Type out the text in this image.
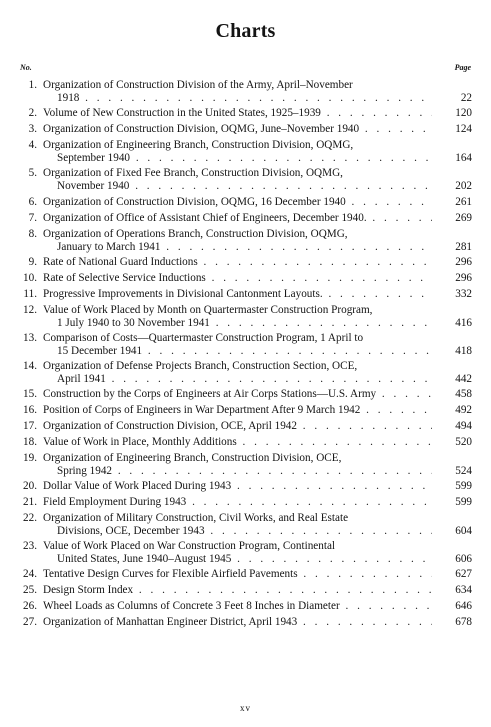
Charts
No.	Page
1. Organization of Construction Division of the Army, April–November
1918 . . .	22
2. Volume of New Construction in the United States, 1925–1939 . . .	120
3. Organization of Construction Division, OQMG, June–November 1940 . . .	124
4. Organization of Engineering Branch, Construction Division, OQMG,
September 1940 . . .	164
5. Organization of Fixed Fee Branch, Construction Division, OQMG,
November 1940 . . .	202
6. Organization of Construction Division, OQMG, 16 December 1940 . . .	261
7. Organization of Office of Assistant Chief of Engineers, December 1940. . . .	269
8. Organization of Operations Branch, Construction Division, OQMG,
January to March 1941 . . .	281
9. Rate of National Guard Inductions . . .	296
10. Rate of Selective Service Inductions . . .	296
11. Progressive Improvements in Divisional Cantonment Layouts. . . .	332
12. Value of Work Placed by Month on Quartermaster Construction Program,
1 July 1940 to 30 November 1941 . . .	416
13. Comparison of Costs—Quartermaster Construction Program, 1 April to
15 December 1941 . . .	418
14. Organization of Defense Projects Branch, Construction Section, OCE,
April 1941 . . .	442
15. Construction by the Corps of Engineers at Air Corps Stations—U.S. Army . . .	458
16. Position of Corps of Engineers in War Department After 9 March 1942 . . .	492
17. Organization of Construction Division, OCE, April 1942 . . .	494
18. Value of Work in Place, Monthly Additions . . .	520
19. Organization of Engineering Branch, Construction Division, OCE,
Spring 1942 . . .	524
20. Dollar Value of Work Placed During 1943 . . .	599
21. Field Employment During 1943 . . .	599
22. Organization of Military Construction, Civil Works, and Real Estate
Divisions, OCE, December 1943 . . .	604
23. Value of Work Placed on War Construction Program, Continental
United States, June 1940–August 1945 . . .	606
24. Tentative Design Curves for Flexible Airfield Pavements . . .	627
25. Design Storm Index . . .	634
26. Wheel Loads as Columns of Concrete 3 Feet 8 Inches in Diameter . . .	646
27. Organization of Manhattan Engineer District, April 1943 . . .	678
xv
